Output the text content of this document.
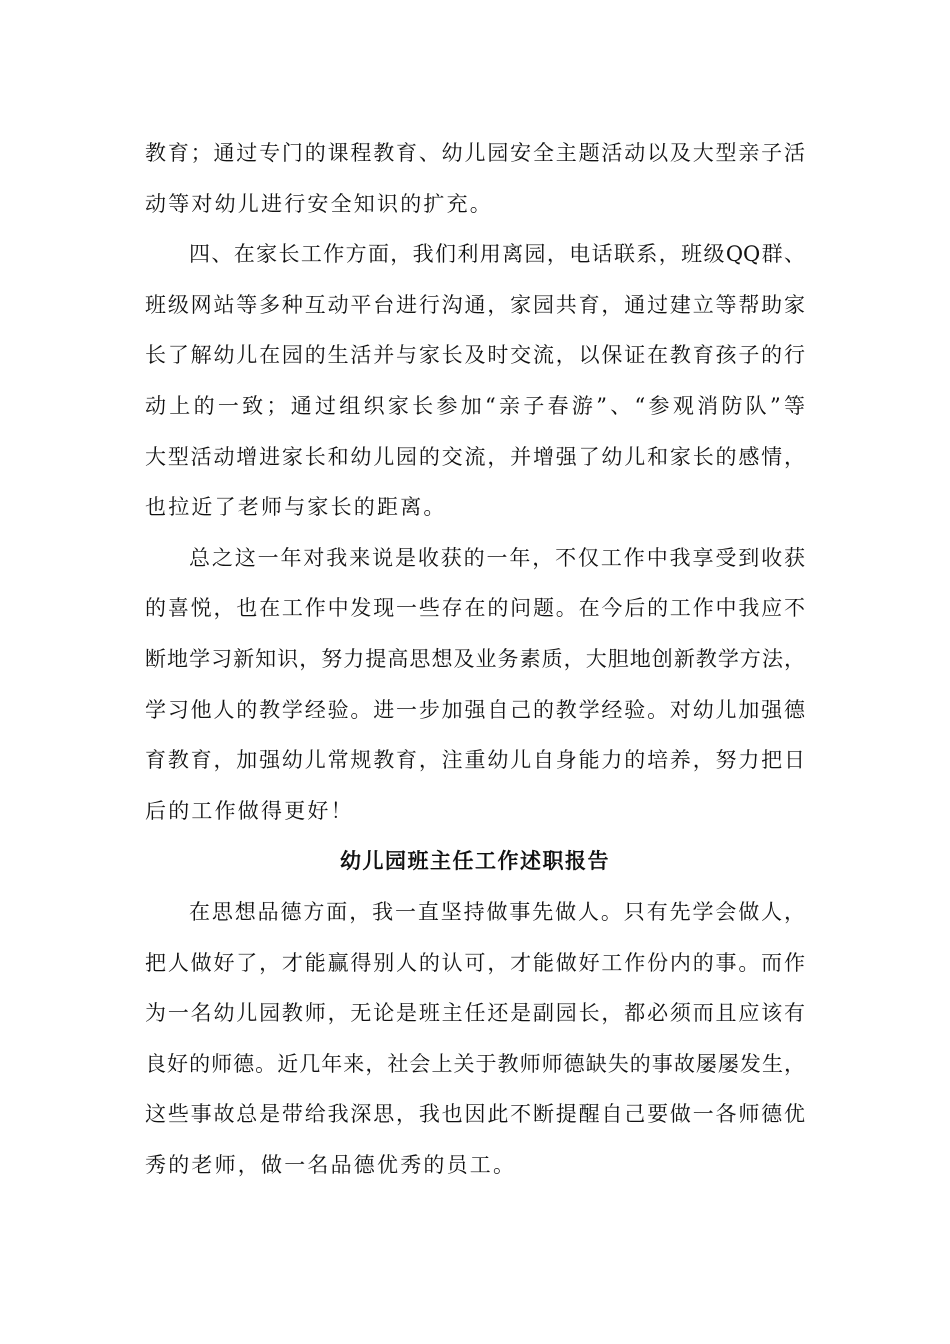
教育；通过专门的课程教育、幼儿园安全主题活动以及大型亲子活
动等对幼儿进行安全知识的扩充。
四、在家长工作方面，我们利用离园，电话联系，班级QQ群、
班级网站等多种互动平台进行沟通，家园共育，通过建立等帮助家
长了解幼儿在园的生活并与家长及时交流，以保证在教育孩子的行
动上的一致；通过组织家长参加“亲子春游”、“参观消防队”等
大型活动增进家长和幼儿园的交流，并增强了幼儿和家长的感情，
也拉近了老师与家长的距离。
总之这一年对我来说是收获的一年，不仅工作中我享受到收获
的喜悦，也在工作中发现一些存在的问题。在今后的工作中我应不
断地学习新知识，努力提高思想及业务素质，大胆地创新教学方法，
学习他人的教学经验。进一步加强自己的教学经验。对幼儿加强德
育教育，加强幼儿常规教育，注重幼儿自身能力的培养，努力把日
后的工作做得更好！
幼儿园班主任工作述职报告
在思想品德方面，我一直坚持做事先做人。只有先学会做人，
把人做好了，才能赢得别人的认可，才能做好工作份内的事。而作
为一名幼儿园教师，无论是班主任还是副园长，都必须而且应该有
良好的师德。近几年来，社会上关于教师师德缺失的事故屡屡发生，
这些事故总是带给我深思，我也因此不断提醒自己要做一各师德优
秀的老师，做一名品德优秀的员工。
